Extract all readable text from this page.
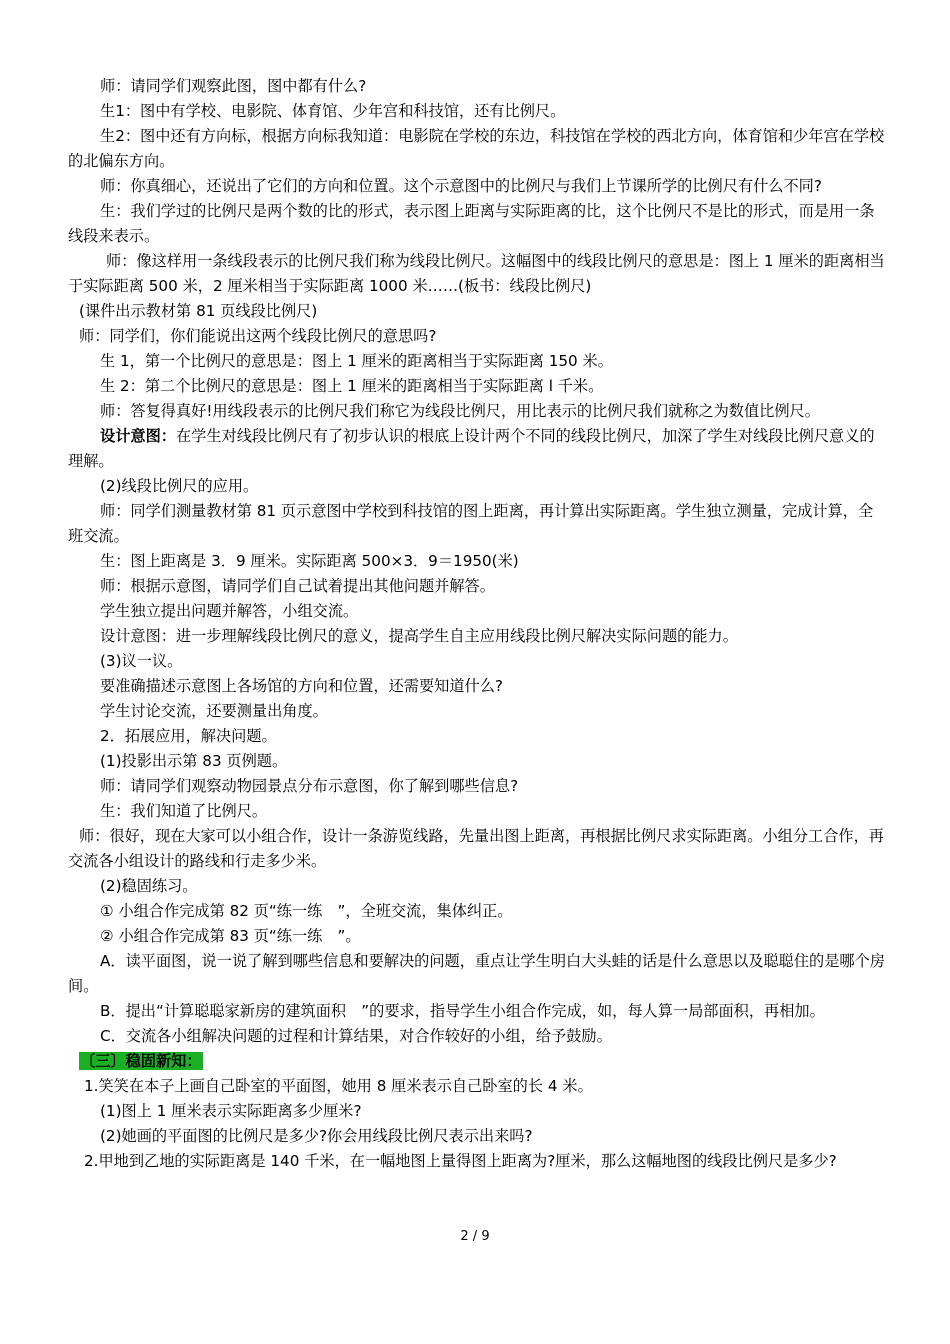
师：请同学们观察此图，图中都有什么?

生1：图中有学校、电影院、体育馆、少年宫和科技馆，还有比例尺。

生2：图中还有方向标，根据方向标我知道：电影院在学校的东边，科技馆在学校的西北方向，体育馆和少年宫在学校的北偏东方向。

师：你真细心，还说出了它们的方向和位置。这个示意图中的比例尺与我们上节课所学的比例尺有什么不同?

生：我们学过的比例尺是两个数的比的形式，表示图上距离与实际距离的比，这个比例尺不是比的形式，而是用一条线段来表示。

师：像这样用一条线段表示的比例尺我们称为线段比例尺。这幅图中的线段比例尺的意思是：图上 1 厘米的距离相当于实际距离 500 米，2 厘米相当于实际距离 1000 米……(板书：线段比例尺)

(课件出示教材第 81 页线段比例尺)

师：同学们，你们能说出这两个线段比例尺的意思吗?

生 1，第一个比例尺的意思是：图上 1 厘米的距离相当于实际距离 150 米。

生 2：第二个比例尺的意思是：图上 1 厘米的距离相当于实际距离 l 千米。

师：答复得真好!用线段表示的比例尺我们称它为线段比例尺，用比表示的比例尺我们就称之为数值比例尺。

设计意图：在学生对线段比例尺有了初步认识的根底上设计两个不同的线段比例尺，加深了学生对线段比例尺意义的理解。

(2)线段比例尺的应用。

师：同学们测量教材第 81 页示意图中学校到科技馆的图上距离，再计算出实际距离。学生独立测量，完成计算，全班交流。

生：图上距离是 3．9 厘米。实际距离 500×3．9＝1950(米)

师：根据示意图，请同学们自己试着提出其他问题并解答。

学生独立提出问题并解答，小组交流。

设计意图：进一步理解线段比例尺的意义，提高学生自主应用线段比例尺解决实际问题的能力。

(3)议一议。

要准确描述示意图上各场馆的方向和位置，还需要知道什么?

学生讨论交流，还要测量出角度。

2．拓展应用，解决问题。

(1)投影出示第 83 页例题。

师：请同学们观察动物园景点分布示意图，你了解到哪些信息?

生：我们知道了比例尺。

师：很好，现在大家可以小组合作，设计一条游览线路，先量出图上距离，再根据比例尺求实际距离。小组分工合作，再交流各小组设计的路线和行走多少米。

(2)稳固练习。

① 小组合作完成第 82 页“练一练　”，全班交流，集体纠正。

② 小组合作完成第 83 页“练一练　”。

A．读平面图，说一说了解到哪些信息和要解决的问题，重点让学生明白大头蛙的话是什么意思以及聪聪住的是哪个房间。

B．提出“计算聪聪家新房的建筑面积　”的要求，指导学生小组合作完成，如，每人算一局部面积，再相加。

C．交流各小组解决问题的过程和计算结果，对合作较好的小组，给予鼓励。

〔三〕稳固新知：

1.笑笑在本子上画自己卧室的平面图，她用 8 厘米表示自己卧室的长 4 米。

(1)图上 1 厘米表示实际距离多少厘米?

(2)她画的平面图的比例尺是多少?你会用线段比例尺表示出来吗?

2.甲地到乙地的实际距离是 140 千米，在一幅地图上量得图上距离为?厘米，那么这幅地图的线段比例尺是多少?

2 / 9
